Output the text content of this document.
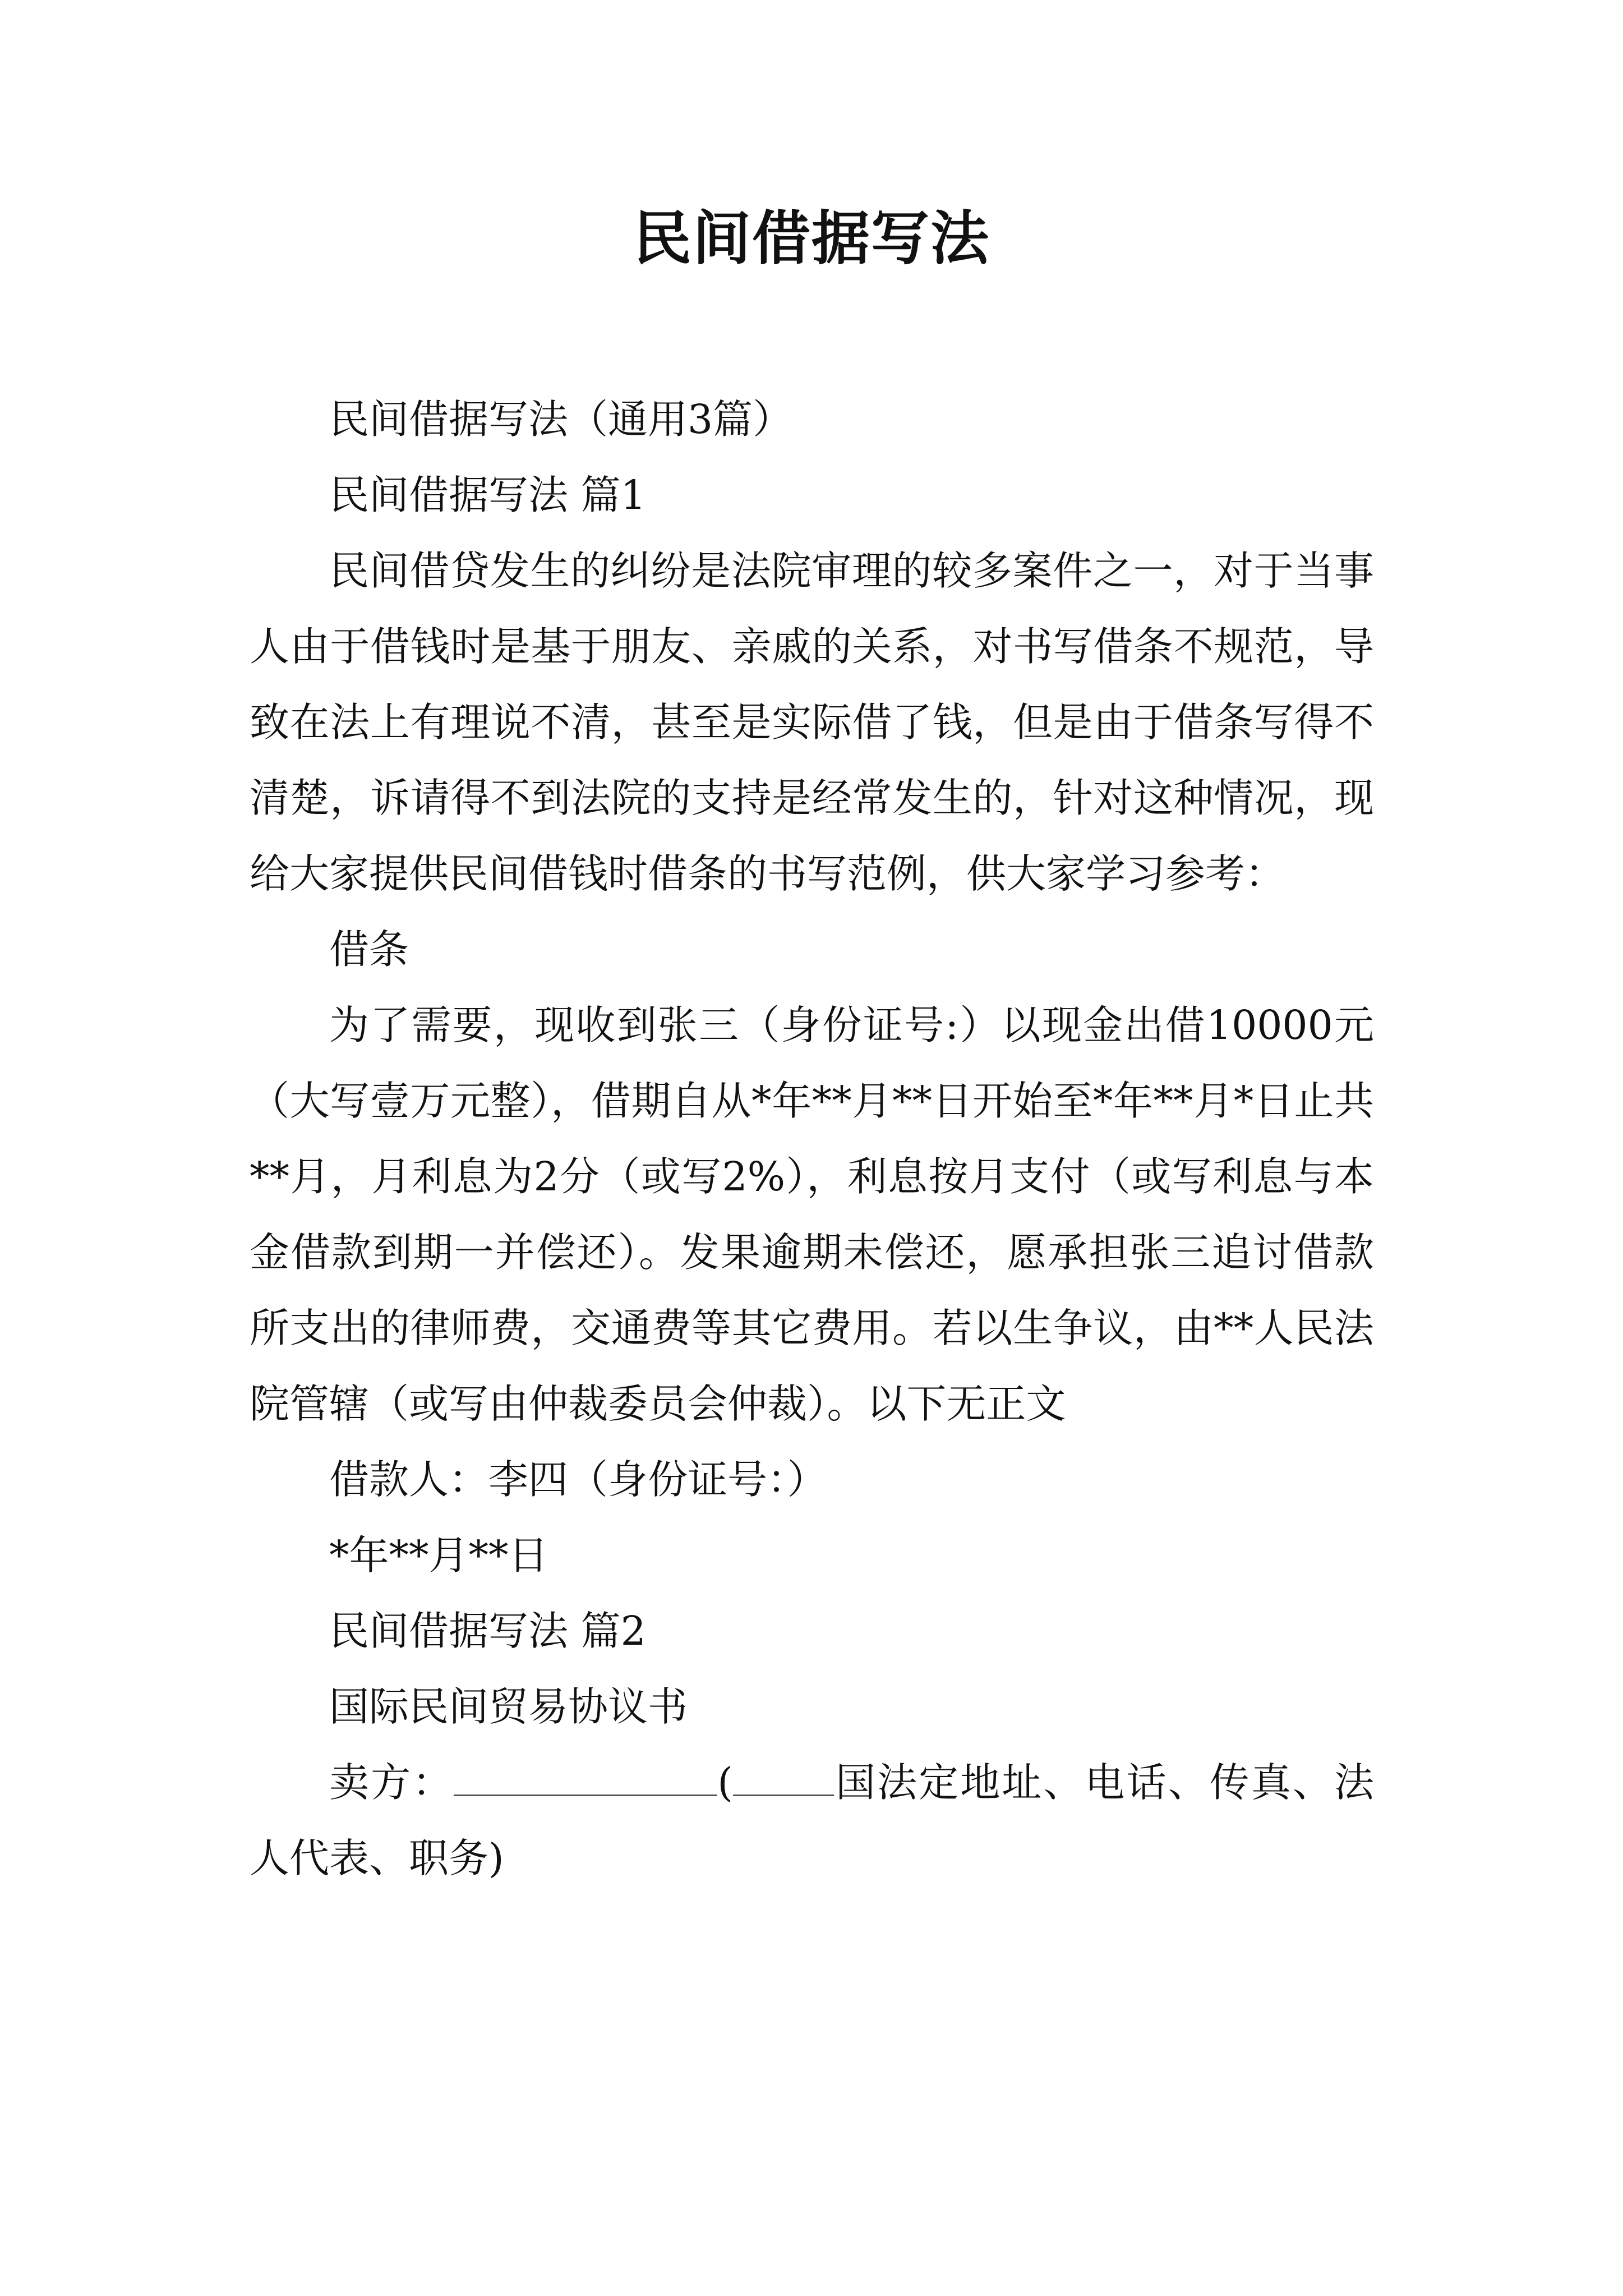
民间借据写法

民间借据写法（通用3篇）

民间借据写法 篇1

民间借贷发生的纠纷是法院审理的较多案件之一，对于当事人由于借钱时是基于朋友、亲戚的关系，对书写借条不规范，导致在法上有理说不清，甚至是实际借了钱，但是由于借条写得不清楚，诉请得不到法院的支持是经常发生的，针对这种情况，现给大家提供民间借钱时借条的书写范例，供大家学习参考：

借条

为了需要，现收到张三（身份证号:）以现金出借10000元（大写壹万元整），借期自从*年**月**日开始至*年**月*日止共**月，月利息为2分（或写2%），利息按月支付（或写利息与本金借款到期一并偿还）。发果逾期未偿还，愿承担张三追讨借款所支出的律师费，交通费等其它费用。若以生争议，由**人民法院管辖（或写由仲裁委员会仲裁）。以下无正文

借款人：李四（身份证号：）

*年**月**日

民间借据写法 篇2

国际民间贸易协议书

卖方：	(	国法定地址、电话、传真、法人代表、职务)
